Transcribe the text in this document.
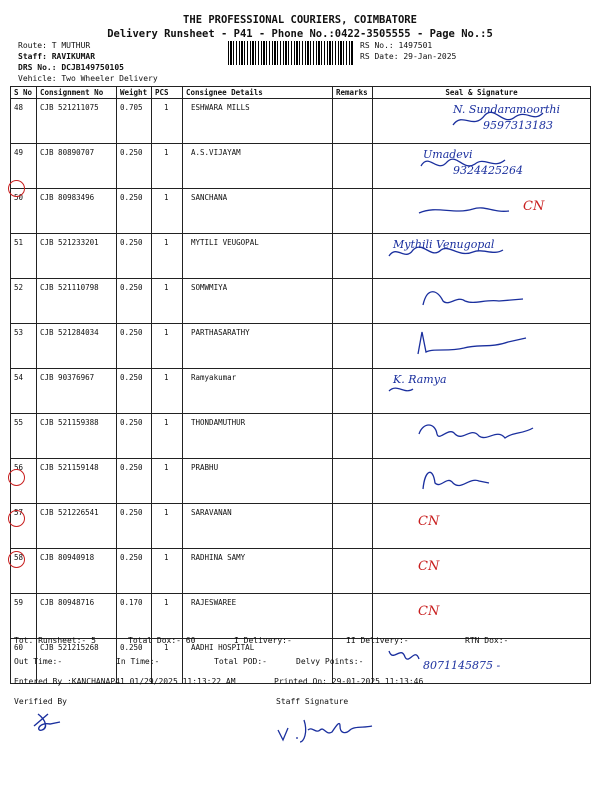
THE PROFESSIONAL COURIERS, COIMBATORE
Delivery Runsheet - P41 - Phone No.:0422-3505555 - Page No.:5
Route: T MUTHUR
Staff: RAVIKUMAR
DRS No.: DCJB149750105
Vehicle: Two Wheeler Delivery
RS No.: 1497501
RS Date: 29-Jan-2025
S No	Consignment No	Weight	PCS	Consignee Details	Remarks	Seal & Signature
48	CJB 521211075	0.705	1	ESHWARA MILLS		N. Sundaramoorthi
9597313183

49	CJB 80890707	0.250	1	A.S.VIJAYAM		Umadevi
9324425264

50	CJB 80983496	0.250	1	SANCHANA		CN

51	CJB 521233201	0.250	1	MYTILI VEUGOPAL		Mythili Venugopal

52	CJB 521110798	0.250	1	SOMWMIYA		

53	CJB 521284034	0.250	1	PARTHASARATHY		

54	CJB 90376967	0.250	1	Ramyakumar		K. Ramya

55	CJB 521159388	0.250	1	THONDAMUTHUR		

56	CJB 521159148	0.250	1	PRABHU		

57	CJB 521226541	0.250	1	SARAVANAN		CN

58	CJB 80940918	0.250	1	RADHINA SAMY		CN

59	CJB 80948716	0.170	1	RAJESWAREE		CN

60	CJB 521215268	0.250	1	AADHI HOSPITAL		8071145875 -
Tot. Runsheet:- 5	Total Dox:- 60	I Delivery:-	II Delivery:-	RTN Dox:-
Out Time:-	In Time:-	Total POD:-	Delvy Points:-
Entered By :KANCHANAP41 01/29/2025 11:13:22 AM	Printed On: 29-01-2025 11:13:46
Verified By	Staff Signature
